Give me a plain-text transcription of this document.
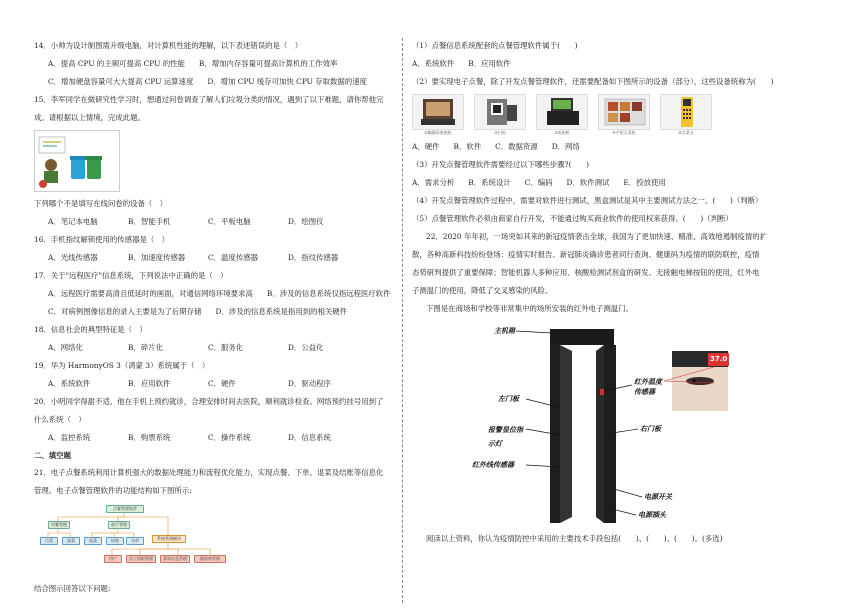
14．小帅为设计制图需升级电脑，对计算机性能的理解，以下表述错误的是（　）
A．提高 CPU 的主频可提高 CPU 的性能 B．增加内存容量可提高计算机的工作效率
C．增加硬盘容量可大大提高 CPU 运算速度 D．增加 CPU 缓存可加快 CPU 存取数据的速度
15．李军同学在做研究性学习时，想通过问卷调查了解人们垃圾分类的情况，遇到了以下难题，请你帮他完
成。请根据以上情境，完成此题。
下列哪个不是填写在线问卷的设备（　）
A．笔记本电脑	B．智能手机	C．平板电脑	D．绘图仪
16．手机指纹解锁使用的传感器是（　）
A．光线传感器	B．加速度传感器	C．温度传感器	D．指纹传感器
17．关于"远程医疗"信息系统，下列说法中正确的是（　）
A．远程医疗需要高清且低延时的画面，对通信网络环境要求高 B．涉及的信息系统仅指远程医疗软件
C．对病例图像信息的录入主要是为了后期存储 D．涉及的信息系统是指用到的相关硬件
18．信息社会的典型特征是（　）
A．网络化	B．碎片化	C．服务化	D．公益化
19．华为 HarmonyOS 3（鸿蒙 3）系统属于（　）
A．系统软件	B．应用软件	C．硬件	D．驱动程序
20．小明同学得甜不适，他在手机上预约就诊，合理安排时间去医院，顺利就诊检查。网络预约挂号用到了
什么系统（　）
A．监控系统	B．购票系统	C．操作系统	D．信息系统
二、填空题
21．电子点餐系统利用计算机强大的数据处理能力和流程优化能力，实现点餐、下单、退菜及结账等信息化
管理。电子点餐管理软件的功能结构如下图所示:
点餐管理软件
用餐管理	前厅管理
系统管理模块
点菜	加菜	退菜	结账	分单
用户	员工权限管理	菜单信息管理	数据库管理
结合图示回答以下问题:
（1）点餐信息系统配套的点餐管理软件属于(　　)
A．系统软件 B．应用软件
（2）要实现电子点餐，除了开发点餐管理软件，还需要配备如下图所示的设备（部分），这些设备统称为(　　)
①触摸屏收银机	②扫码	③收银机	④平板点菜机	⑤点菜宝
A．硬件 B．软件 C．数据资源 D．网络
（3）开发点餐管理软件需要经过以下哪些步骤?(　　)
A．需求分析 B．系统设计 C．编码 D．软件测试 E．投放使用
（4）开发点餐管理软件过程中，需要对软件进行测试，黑盒测试是其中主要测试方法之一。(　　)（判断）
（5）点餐管理软件必须由商家自行开发，不能通过购买商业软件的使用权来获得。(　　)（判断）
22．2020 年年初，一场突如其来的新冠疫情袭击全球，我国为了更加快速、精准、高效地遏制疫情的扩
散，各种高新科技纷纷登场：疫情实时报告、新冠肺炎确诊患者同行查询、健康码为疫情的联防联控，疫情
态势研判提供了重要保障；智能机器人多种应用、核酸检测试剂盒的研发、无接触电梯按钮的使用，红外电
子测温门的使用，降低了交叉感染的风险。
下图是在商场和学校等非常集中的场所安装的红外电子测温门。
主机箱
红外温度传感器
左门板
报警显位指示灯
右门板
红外线传感器
电源开关
电源插头
37.0
阅读以上资料，你认为疫情防控中采用的主要技术手段包括(　　)、(　　)、(　　)。(多选)
